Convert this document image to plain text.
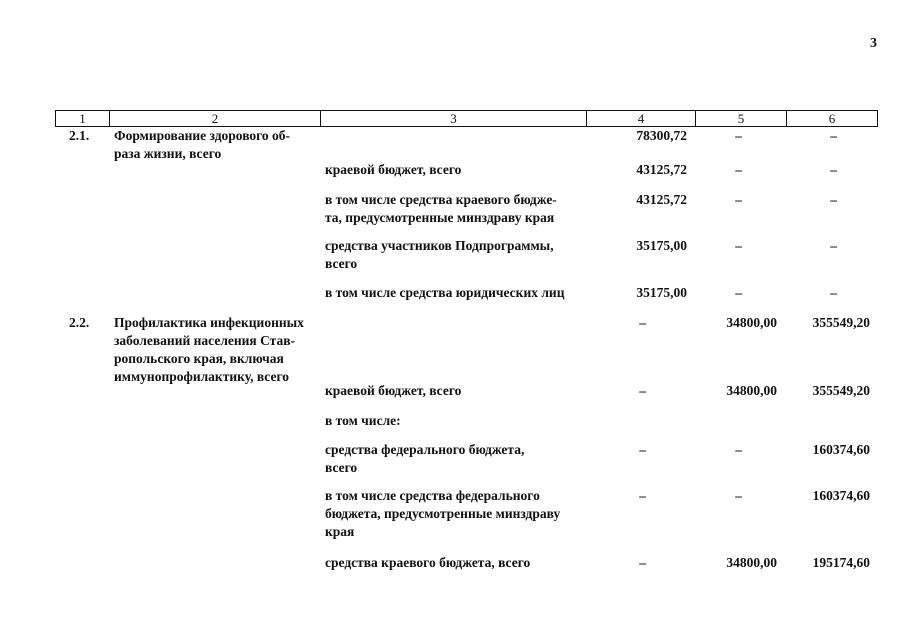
3
1	2	3	4	5	6
2.1. Формирование здорового об-
раза жизни, всего
78300,72	–	–
краевой бюджет, всего	43125,72	–	–
в том числе средства краевого бюдже-
та, предусмотренные минздраву края
43125,72	–	–
средства участников Подпрограммы,
всего
35175,00	–	–
в том числе средства юридических лиц	35175,00	–	–
2.2. Профилактика инфекционных
заболеваний населения Став-
ропольского края, включая
иммунопрофилактику, всего
–	34800,00	355549,20
краевой бюджет, всего	–	34800,00	355549,20
в том числе:
средства федерального бюджета,
всего
–	–	160374,60
в том числе средства федерального
бюджета, предусмотренные минздраву
края
–	–	160374,60
средства краевого бюджета, всего	–	34800,00	195174,60
